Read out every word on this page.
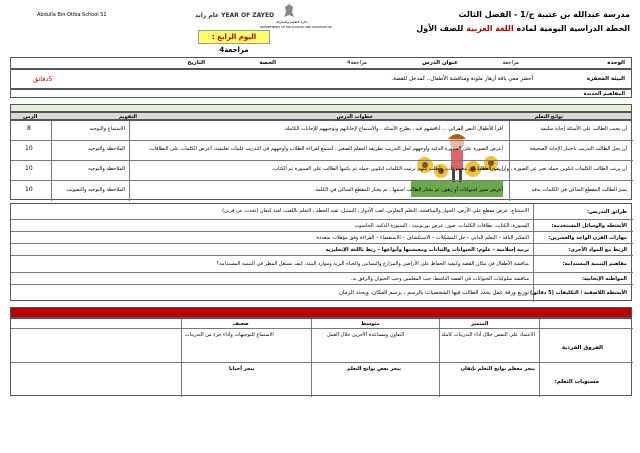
Abdulla Bin Otiba School S1	عام زايد YEAR OF ZAYED
دائرة التعليم والمعرفة
DEPARTMENT OF EDUCATION AND KNOWLEDGE
مدرسة عبدالله بن عتيبة ح/1 - الفصل الثالث
الخطة الدراسية اليومية لمادة اللغة العربية للصف الأول
اليوم الرابع : مراجعة4
الوحدة
مراجعة
عنوان الدرس
مراجعة4
الحصة
التاريخ
البيئة المحفزة
أحضر معي باقة أزهار ملونة ومناقشة الأطفال.. كمدخل للقصة.
5دقائق
المفاهيم الجديدة
نواتج التعلم
خطوات الدرس
التقويم
الزمن
أن يجيب الطالب على الأسئلة إجابة سليمة
أقرأ للأطفال النص القرائي ... أناقشهم فيه ، بطرح الأسئلة ، والاستماع لإجاباتهم وتوجيههم للإجابات الكاملة.
الاستماع والتوجيه
8
أن يحل الطالب التدريب باختيار الإجابة الصحيحة
أعرض الصورة على السبورة الذكية وأوجههم لحل التدريب بطريقة المعلم الصغير.. أستمع لقراءة الطلاب وأوجههم في التدريب كلمات تعليمية، أعرض الكلمات على البطاقات.
الملاحظة والتوجيه
10
أن يرتب الطالب الكلمات لتكوين جملة تعبر عن الصورة ، وأن يدون خطيا
أرتب الطلاب في مجموعات، وأطلب منهم ترتيب الكلمات لتكوين جملة ثم يكتبها الطالب على السبورة ثم الكتاب.
الملاحظة والتوجيه
10
يميز الطالب المقطع الساكن في الكلمات بدقة
أعرض صور لحيوانات أو زهور، ثم يختار الطالب اسمها ، ثم يختار المقطع الساكن في الكلمة.
الملاحظة والتوجيه والتصويب
10
طرائق التدريس:
الاستنتاج، عرض مقطع على الأرض، الحوار والمناقشة، التعلم التعاوني، لعب الأدوار ، التمثيل، ثقيد الخطة ، التعلم باللعب، لعبة كيفان (تحدث عن قرين)
الأنشطة والوسائل المستخدمة:
السبورة، الكتاب، بطاقات الكلمات، صور، عرض بوربوينت ، السبورة الذكية، الحاسوب
مهارات القرن الواحد والعشرين:
التفكير الناقد – التعلم الذاتي – حل المشكلات – الاستكشاف – الاستقصاء – القراءة وفق مؤهلات متعددة
الربط مع المواد الأخرى:
تربية إسلامية – علوم: الحيوانات والنباتات ومعيشتها وأنواعها – ربط باللغة الإنجليزية
مفاهيم التنمية المستدامة:
مناقشة الأطفال في مكان القصة وكيفية الحفاظ على الأراضي والمزارع والبساتين والحياة البرية وموارد البيئة، كيف نستغل المطر في التنمية المستدامة؟
المواطنة الإيجابية:
مناقشة سلوكيات الحيوانات في القصة الناشط، حب المعلمين وحب الحيوان والرفق به.
الأنشطة اللاصفية / التكليفات (5 دقائق)
توزيع ورقة عمل يحدد الطالب فيها الشخصيات بالرسم ، برسم المكان، ويحدد الزمان
ملاحظات المعلم	المتميز
متوسط
ضعيف
الفروق الفردية
الاعتماد على النفس خلال أداء التدريبات كاملة
التعاون ومساعدة الآخرين خلال العمل
الاستماع للتوجيهات وأداء جزء من التدريبات
مستويات التعلم:
ينجز معظم نواتج التعلم بإتقان
ينجز بعض نواتج التعلم
ينجز أحيانا
